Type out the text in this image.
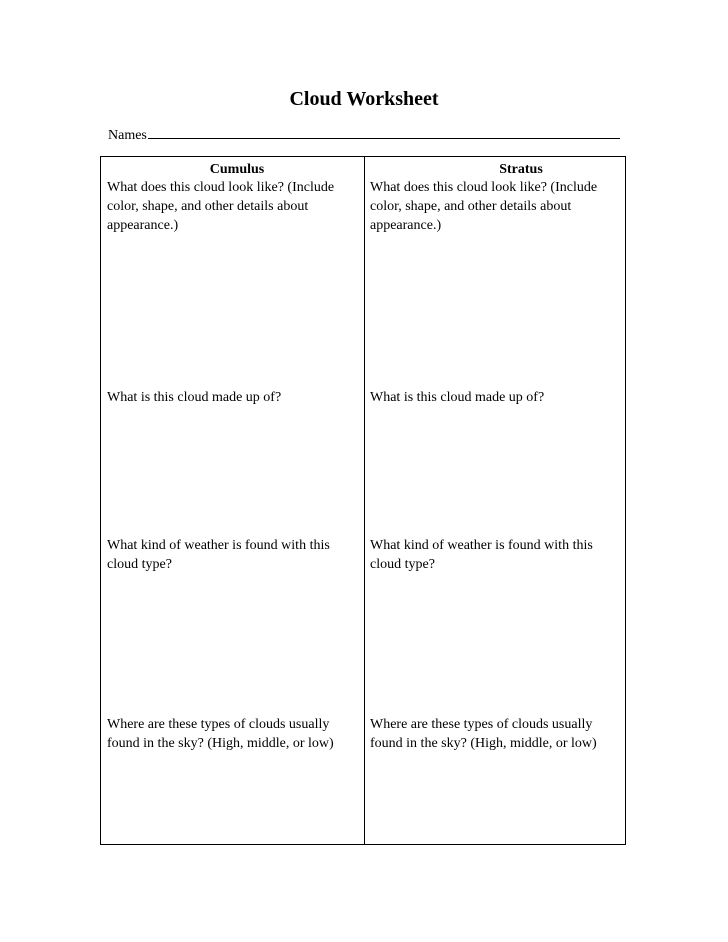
Cloud Worksheet
Names
Cumulus
What does this cloud look like? (Include color, shape, and other details about appearance.)
What is this cloud made up of?
What kind of weather is found with this cloud type?
Where are these types of clouds usually found in the sky? (High, middle, or low)
Stratus
What does this cloud look like? (Include color, shape, and other details about appearance.)
What is this cloud made up of?
What kind of weather is found with this cloud type?
Where are these types of clouds usually found in the sky? (High, middle, or low)
